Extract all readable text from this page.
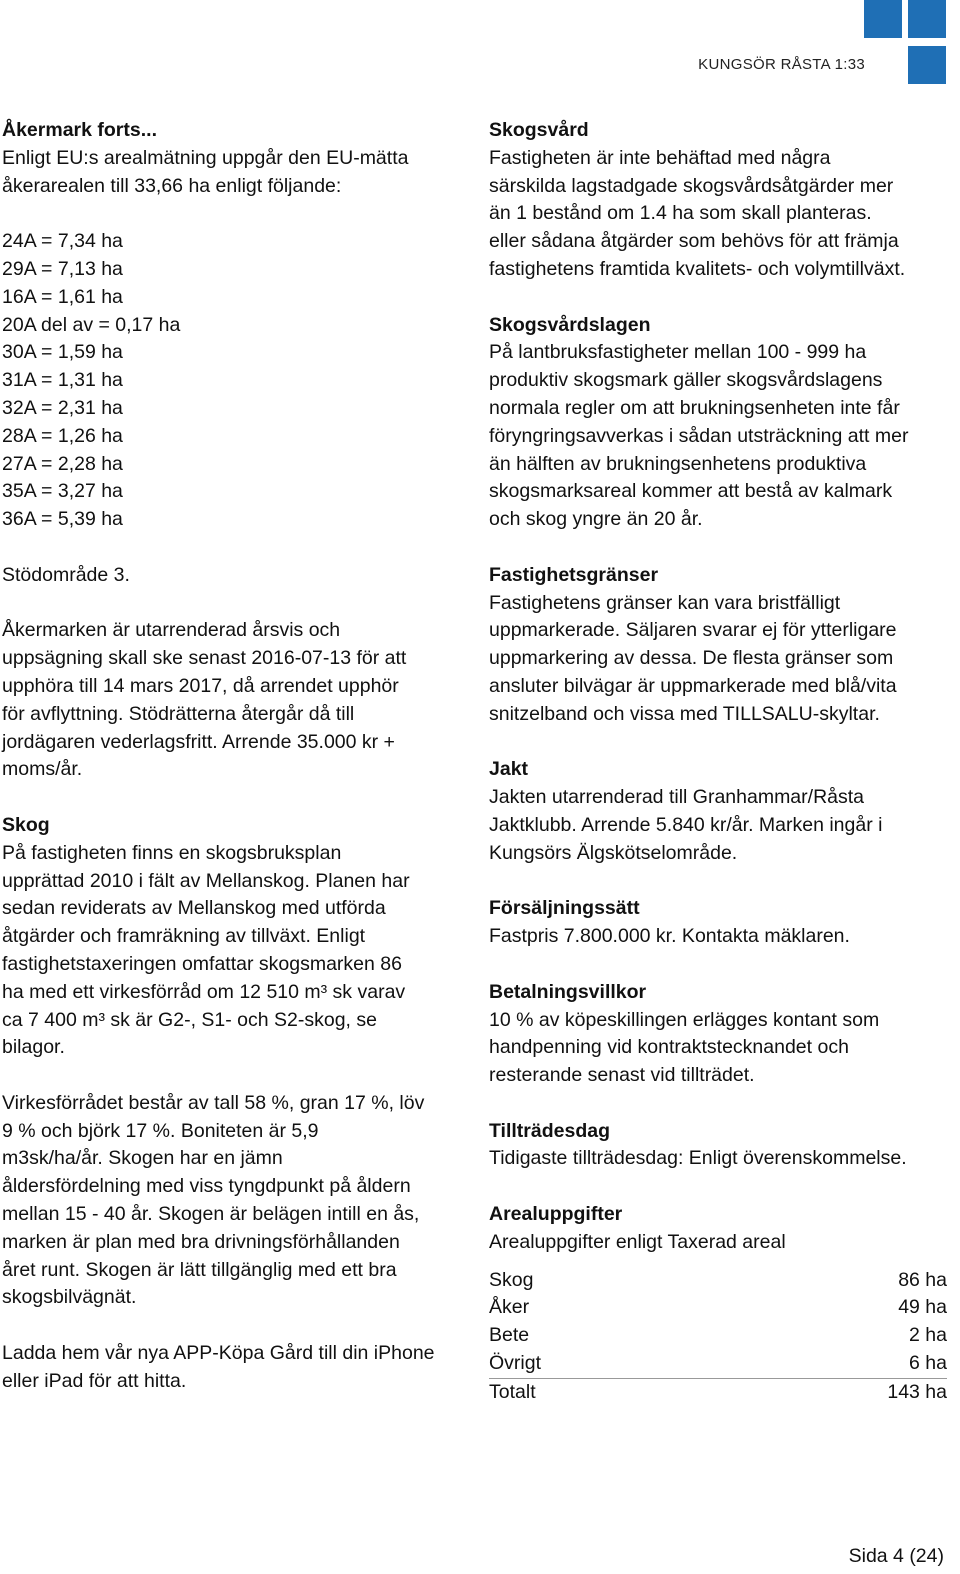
KUNGSÖR RÅSTA 1:33

Åkermark forts...

Enligt EU:s arealmätning uppgår den EU-mätta

åkerarealen till 33,66 ha enligt följande:

24A = 7,34 ha

29A = 7,13 ha

16A = 1,61 ha

20A del av = 0,17 ha

30A = 1,59 ha

31A = 1,31 ha

32A = 2,31 ha

28A = 1,26 ha

27A = 2,28 ha

35A = 3,27 ha

36A = 5,39 ha

Stödområde 3.

Åkermarken är utarrenderad årsvis och

uppsägning skall ske senast 2016-07-13 för att

upphöra till 14 mars 2017, då arrendet upphör

för avflyttning. Stödrätterna återgår då till

jordägaren vederlagsfritt. Arrende 35.000 kr +

moms/år.

Skog

På fastigheten finns en skogsbruksplan

upprättad 2010 i fält av Mellanskog. Planen har

sedan reviderats av Mellanskog med utförda

åtgärder och framräkning av tillväxt. Enligt

fastighetstaxeringen omfattar skogsmarken 86

ha med ett virkesförråd om 12 510 m³ sk varav

ca 7 400 m³ sk är G2-, S1- och S2-skog, se

bilagor.

Virkesförrådet består av tall 58 %, gran 17 %, löv

9 % och björk 17 %. Boniteten är 5,9

m3sk/ha/år. Skogen har en jämn

åldersfördelning med viss tyngdpunkt på åldern

mellan 15 - 40 år. Skogen är belägen intill en ås,

marken är plan med bra drivningsförhållanden

året runt. Skogen är lätt tillgänglig med ett bra

skogsbilvägnät.

Ladda hem vår nya APP-Köpa Gård till din iPhone

eller iPad för att hitta.

Skogsvård

Fastigheten är inte behäftad med några

särskilda lagstadgade skogsvårdsåtgärder mer

än 1 bestånd om 1.4 ha som skall planteras.

eller sådana åtgärder som behövs för att främja

fastighetens framtida kvalitets- och volymtillväxt.

Skogsvårdslagen

På lantbruksfastigheter mellan 100 - 999 ha

produktiv skogsmark gäller skogsvårdslagens

normala regler om att brukningsenheten inte får

föryngringsavverkas i sådan utsträckning att mer

än hälften av brukningsenhetens produktiva

skogsmarksareal kommer att bestå av kalmark

och skog yngre än 20 år.

Fastighetsgränser

Fastighetens gränser kan vara bristfälligt

uppmarkerade. Säljaren svarar ej för ytterligare

uppmarkering av dessa. De flesta gränser som

ansluter bilvägar är uppmarkerade med blå/vita

snitzelband och vissa med TILLSALU-skyltar.

Jakt

Jakten utarrenderad till Granhammar/Råsta

Jaktklubb. Arrende 5.840 kr/år. Marken ingår i

Kungsörs Älgskötselområde.

Försäljningssätt

Fastpris 7.800.000 kr. Kontakta mäklaren.

Betalningsvillkor

10 % av köpeskillingen erlägges kontant som

handpenning vid kontraktstecknandet och

resterande senast vid tillträdet.

Tillträdesdag

Tidigaste tillträdesdag: Enligt överenskommelse.

Arealuppgifter

Arealuppgifter enligt Taxerad areal

Skog	86 ha
Åker	49 ha
Bete	2 ha
Övrigt	6 ha
Totalt	143 ha
Sida 4 (24)
